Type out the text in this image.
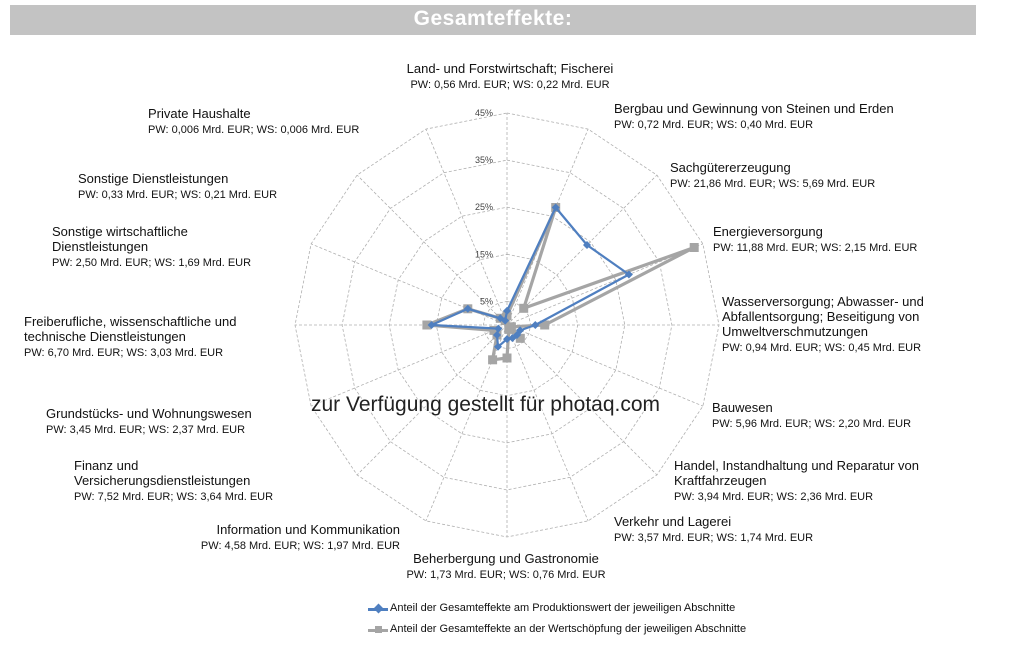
Gesamteffekte:
5%
15%
25%
35%
45%
Land- und Forstwirtschaft; Fischerei
PW: 0,56 Mrd. EUR; WS: 0,22 Mrd. EUR
Bergbau und Gewinnung von Steinen und Erden
PW: 0,72 Mrd. EUR; WS: 0,40 Mrd. EUR
Sachgütererzeugung
PW: 21,86 Mrd. EUR; WS: 5,69 Mrd. EUR
Energieversorgung
PW: 11,88 Mrd. EUR; WS: 2,15 Mrd. EUR
Wasserversorgung; Abwasser- und
Abfallentsorgung; Beseitigung von
Umweltverschmutzungen
PW: 0,94 Mrd. EUR; WS: 0,45 Mrd. EUR
Bauwesen
PW: 5,96 Mrd. EUR; WS: 2,20 Mrd. EUR
Handel, Instandhaltung und Reparatur von
Kraftfahrzeugen
PW: 3,94 Mrd. EUR; WS: 2,36 Mrd. EUR
Verkehr und Lagerei
PW: 3,57 Mrd. EUR; WS: 1,74 Mrd. EUR
Beherbergung und Gastronomie
PW: 1,73 Mrd. EUR; WS: 0,76 Mrd. EUR
Information und Kommunikation
PW: 4,58 Mrd. EUR; WS: 1,97 Mrd. EUR
Finanz und
Versicherungsdienstleistungen
PW: 7,52 Mrd. EUR; WS: 3,64 Mrd. EUR
Grundstücks- und Wohnungswesen
PW: 3,45 Mrd. EUR; WS: 2,37 Mrd. EUR
Freiberufliche, wissenschaftliche und
technische Dienstleistungen
PW: 6,70 Mrd. EUR; WS: 3,03 Mrd. EUR
Sonstige wirtschaftliche
Dienstleistungen
PW: 2,50 Mrd. EUR; WS: 1,69 Mrd. EUR
Sonstige Dienstleistungen
PW: 0,33 Mrd. EUR; WS: 0,21 Mrd. EUR
Private Haushalte
PW: 0,006 Mrd. EUR; WS: 0,006 Mrd. EUR
zur Verfügung gestellt für photaq.com
Anteil der Gesamteffekte am Produktionswert der jeweiligen Abschnitte
Anteil der Gesamteffekte an der Wertschöpfung der jeweiligen Abschnitte
